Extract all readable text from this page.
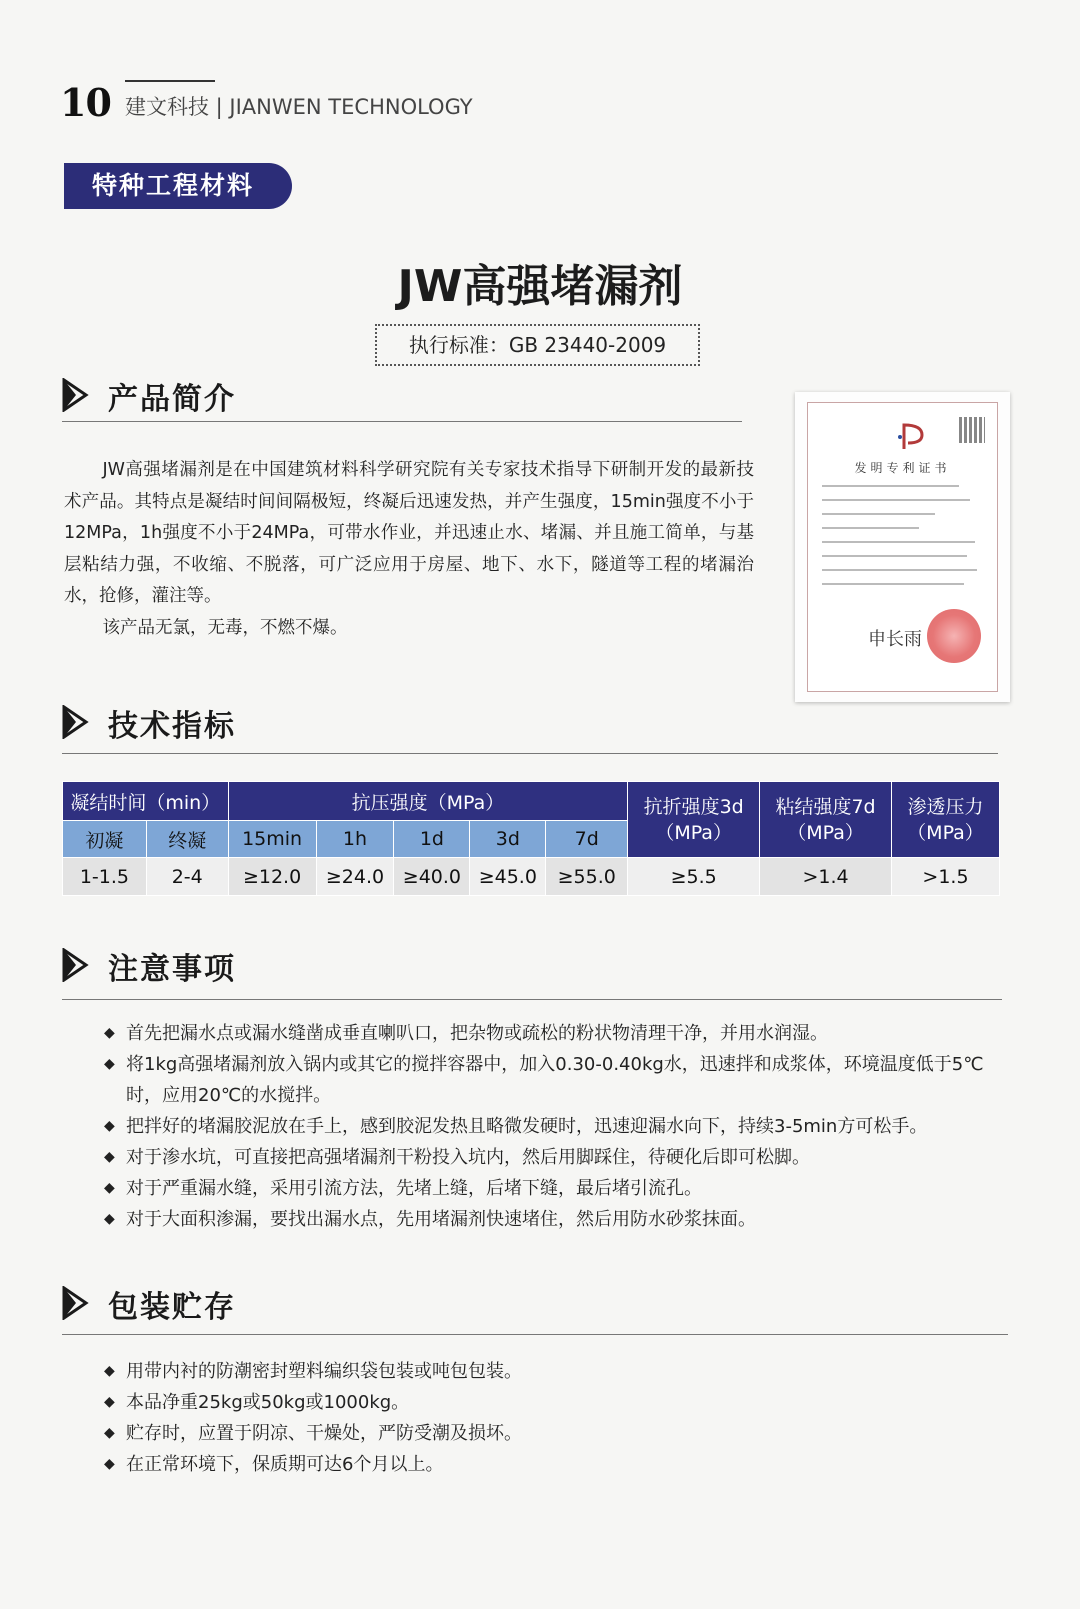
10 建文科技 | JIANWEN TECHNOLOGY
特种工程材料
JW高强堵漏剂
执行标准：GB 23440-2009
产品简介

JW高强堵漏剂是在中国建筑材料科学研究院有关专家技术指导下研制开发的最新技术产品。其特点是凝结时间间隔极短，终凝后迅速发热，并产生强度，15min强度不小于12MPa，1h强度不小于24MPa，可带水作业，并迅速止水、堵漏、并且施工简单，与基层粘结力强，不收缩、不脱落，可广泛应用于房屋、地下、水下，隧道等工程的堵漏治水，抢修，灌注等。

该产品无氯，无毒，不燃不爆。

发明专利证书
申长雨
技术指标
凝结时间（min）		抗压强度（MPa）					抗折强度3d（MPa）	粘结强度7d（MPa）	渗透压力（MPa）
初凝	终凝	15min	1h	1d	3d	7d			
1-1.5	2-4	≥12.0	≥24.0	≥40.0	≥45.0	≥55.0	≥5.5	>1.4	>1.5
注意事项
◆ 首先把漏水点或漏水缝凿成垂直喇叭口，把杂物或疏松的粉状物清理干净，并用水润湿。
◆ 将1kg高强堵漏剂放入锅内或其它的搅拌容器中，加入0.30-0.40kg水，迅速拌和成浆体，环境温度低于5℃时，应用20℃的水搅拌。
◆ 把拌好的堵漏胶泥放在手上，感到胶泥发热且略微发硬时，迅速迎漏水向下，持续3-5min方可松手。
◆ 对于渗水坑，可直接把高强堵漏剂干粉投入坑内，然后用脚踩住，待硬化后即可松脚。
◆ 对于严重漏水缝，采用引流方法，先堵上缝，后堵下缝，最后堵引流孔。
◆ 对于大面积渗漏，要找出漏水点，先用堵漏剂快速堵住，然后用防水砂浆抹面。
包装贮存
◆ 用带内衬的防潮密封塑料编织袋包装或吨包包装。
◆ 本品净重25kg或50kg或1000kg。
◆ 贮存时，应置于阴凉、干燥处，严防受潮及损坏。
◆ 在正常环境下，保质期可达6个月以上。
